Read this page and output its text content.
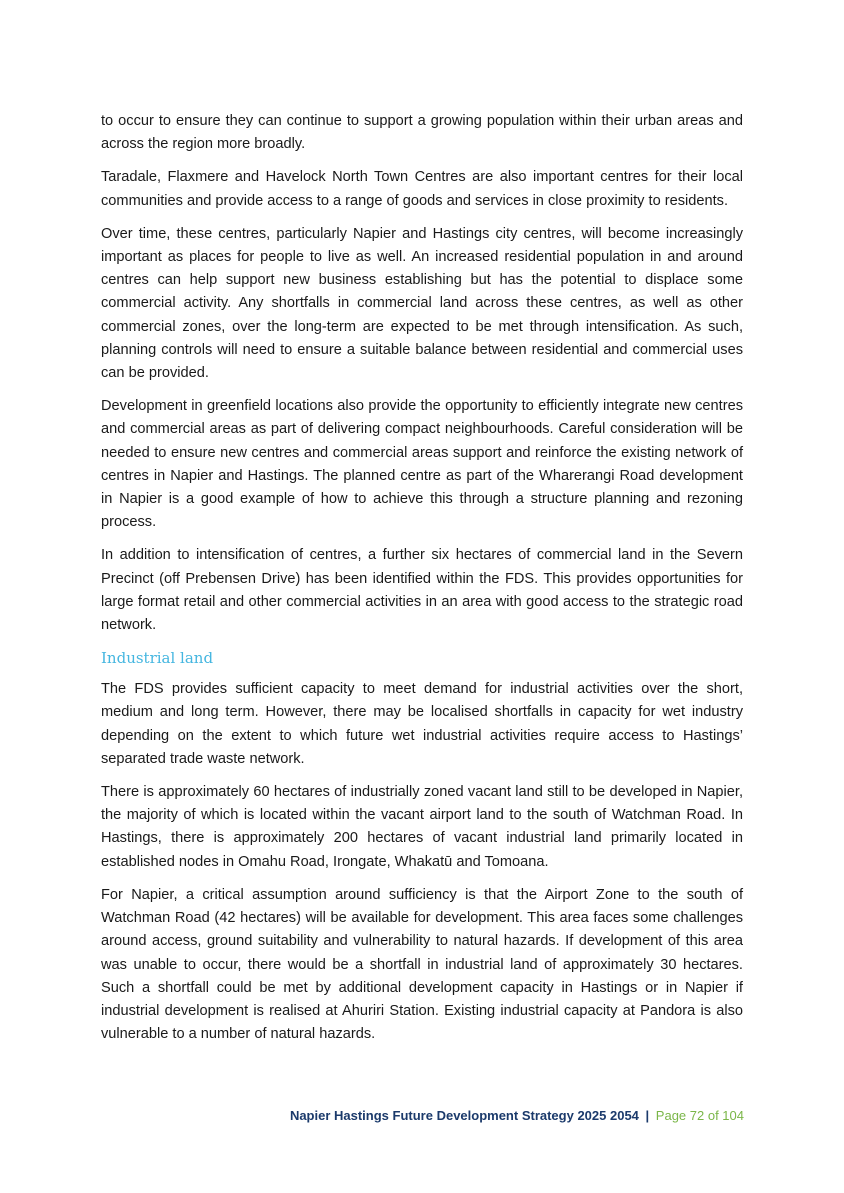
to occur to ensure they can continue to support a growing population within their urban areas and across the region more broadly.

Taradale, Flaxmere and Havelock North Town Centres are also important centres for their local communities and provide access to a range of goods and services in close proximity to residents.

Over time, these centres, particularly Napier and Hastings city centres, will become increasingly important as places for people to live as well. An increased residential population in and around centres can help support new business establishing but has the potential to displace some commercial activity. Any shortfalls in commercial land across these centres, as well as other commercial zones, over the long-term are expected to be met through intensification. As such, planning controls will need to ensure a suitable balance between residential and commercial uses can be provided.

Development in greenfield locations also provide the opportunity to efficiently integrate new centres and commercial areas as part of delivering compact neighbourhoods. Careful consideration will be needed to ensure new centres and commercial areas support and reinforce the existing network of centres in Napier and Hastings. The planned centre as part of the Wharerangi Road development in Napier is a good example of how to achieve this through a structure planning and rezoning process.

In addition to intensification of centres, a further six hectares of commercial land in the Severn Precinct (off Prebensen Drive) has been identified within the FDS. This provides opportunities for large format retail and other commercial activities in an area with good access to the strategic road network.

Industrial land

The FDS provides sufficient capacity to meet demand for industrial activities over the short, medium and long term. However, there may be localised shortfalls in capacity for wet industry depending on the extent to which future wet industrial activities require access to Hastings’ separated trade waste network.

There is approximately 60 hectares of industrially zoned vacant land still to be developed in Napier, the majority of which is located within the vacant airport land to the south of Watchman Road. In Hastings, there is approximately 200 hectares of vacant industrial land primarily located in established nodes in Omahu Road, Irongate, Whakatū and Tomoana.

For Napier, a critical assumption around sufficiency is that the Airport Zone to the south of Watchman Road (42 hectares) will be available for development. This area faces some challenges around access, ground suitability and vulnerability to natural hazards. If development of this area was unable to occur, there would be a shortfall in industrial land of approximately 30 hectares. Such a shortfall could be met by additional development capacity in Hastings or in Napier if industrial development is realised at Ahuriri Station. Existing industrial capacity at Pandora is also vulnerable to a number of natural hazards.

Napier Hastings Future Development Strategy 2025 2054 | Page 72 of 104
